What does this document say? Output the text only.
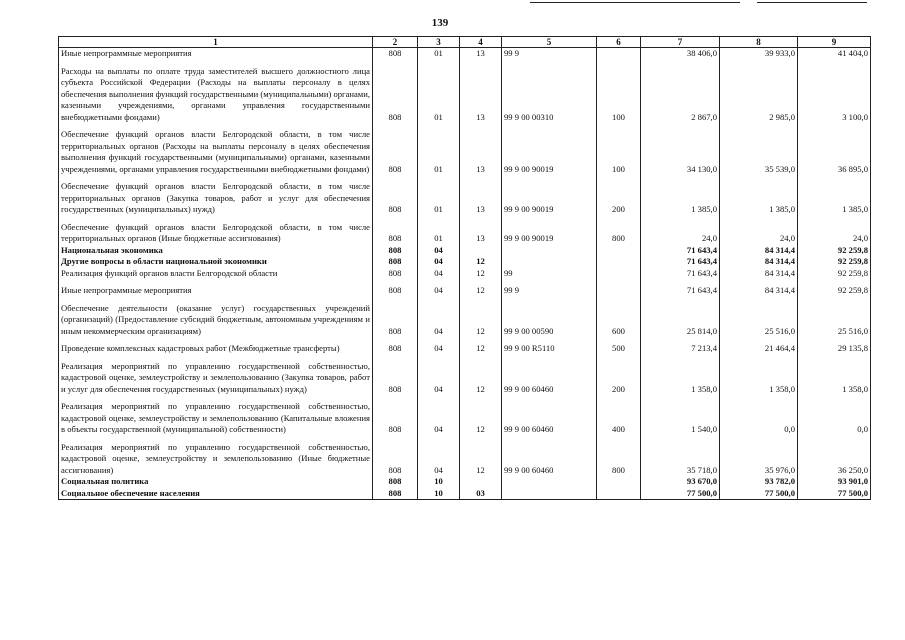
139
1	2	3	4	5	6	7	8	9
Иные непрограммные мероприятия	808	01	13	99 9		38 406,0	39 933,0	41 404,0

Расходы на выплаты по оплате труда заместителей высшего должностного лица субъекта Российской Федерации (Расходы на выплаты персоналу в целях обеспечения выполнения функций государственными (муниципальными) органами, казенными учреждениями, органами управления государственными внебюджетными фондами)	808	01	13	99 9 00 00310	100	2 867,0	2 985,0	3 100,0

Обеспечение функций органов власти Белгородской области, в том числе территориальных органов (Расходы на выплаты персоналу в целях обеспечения выполнения функций государственными (муниципальными) органами, казенными учреждениями, органами управления государственными внебюджетными фондами)	808	01	13	99 9 00 90019	100	34 130,0	35 539,0	36 895,0

Обеспечение функций органов власти Белгородской области, в том числе территориальных органов (Закупка товаров, работ и услуг для обеспечения государственных (муниципальных) нужд)	808	01	13	99 9 00 90019	200	1 385,0	1 385,0	1 385,0

Обеспечение функций органов власти Белгородской области, в том числе территориальных органов (Иные бюджетные ассигнования)	808	01	13	99 9 00 90019	800	24,0	24,0	24,0
Национальная экономика	808	04				71 643,4	84 314,4	92 259,8
Другие вопросы в области национальной экономики	808	04	12			71 643,4	84 314,4	92 259,8
Реализация функций органов власти Белгородской области	808	04	12	99		71 643,4	84 314,4	92 259,8

Иные непрограммные мероприятия	808	04	12	99 9		71 643,4	84 314,4	92 259,8

Обеспечение деятельности (оказание услуг) государственных учреждений (организаций) (Предоставление субсидий бюджетным, автономным учреждениям и иным некоммерческим организациям)	808	04	12	99 9 00 00590	600	25 814,0	25 516,0	25 516,0

Проведение комплексных кадастровых работ (Межбюджетные трансферты)	808	04	12	99 9 00 R5110	500	7 213,4	21 464,4	29 135,8

Реализация мероприятий по управлению государственной собственностью, кадастровой оценке, землеустройству и землепользованию (Закупка товаров, работ и услуг для обеспечения государственных (муниципальных) нужд)	808	04	12	99 9 00 60460	200	1 358,0	1 358,0	1 358,0

Реализация мероприятий по управлению государственной собственностью, кадастровой оценке, землеустройству и землепользованию (Капитальные вложения в объекты государственной (муниципальной) собственности)	808	04	12	99 9 00 60460	400	1 540,0	0,0	0,0

Реализация мероприятий по управлению государственной собственностью, кадастровой оценке, землеустройству и землепользованию (Иные бюджетные ассигнования)	808	04	12	99 9 00 60460	800	35 718,0	35 976,0	36 250,0
Социальная политика	808	10				93 670,0	93 782,0	93 901,0
Социальное обеспечение населения	808	10	03			77 500,0	77 500,0	77 500,0
